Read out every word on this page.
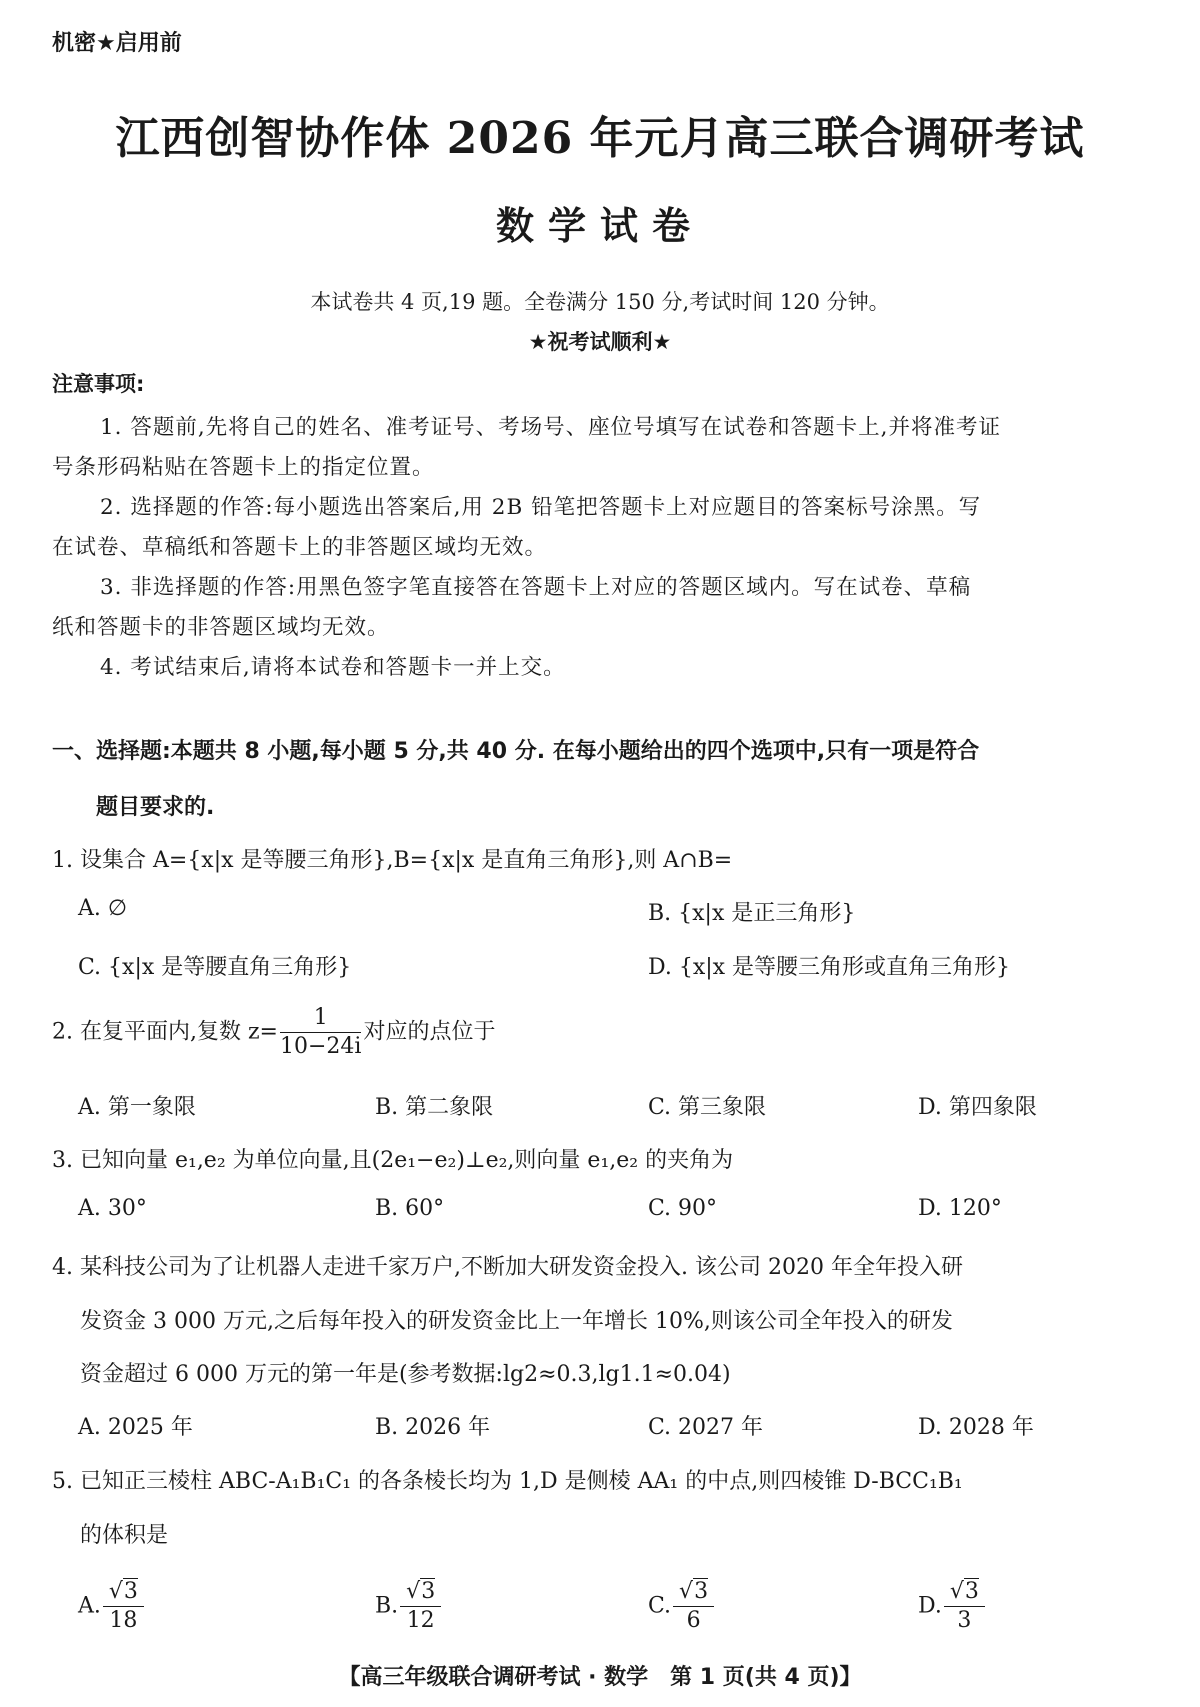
机密★启用前
江西创智协作体 2026 年元月高三联合调研考试
数学试卷
本试卷共 4 页,19 题。全卷满分 150 分,考试时间 120 分钟。
★祝考试顺利★
注意事项:
1. 答题前,先将自己的姓名、准考证号、考场号、座位号填写在试卷和答题卡上,并将准考证
号条形码粘贴在答题卡上的指定位置。
2. 选择题的作答:每小题选出答案后,用 2B 铅笔把答题卡上对应题目的答案标号涂黑。写
在试卷、草稿纸和答题卡上的非答题区域均无效。
3. 非选择题的作答:用黑色签字笔直接答在答题卡上对应的答题区域内。写在试卷、草稿
纸和答题卡的非答题区域均无效。
4. 考试结束后,请将本试卷和答题卡一并上交。
一、选择题:本题共 8 小题,每小题 5 分,共 40 分. 在每小题给出的四个选项中,只有一项是符合
题目要求的.
1. 设集合 A={x|x 是等腰三角形},B={x|x 是直角三角形},则 A∩B=
A. ∅	B. {x|x 是正三角形}
C. {x|x 是等腰直角三角形}	D. {x|x 是等腰三角形或直角三角形}
2. 在复平面内,复数 $z= \frac{1}{10-24i}$ 对应的点位于
A. 第一象限	B. 第二象限	C. 第三象限	D. 第四象限
3. 已知向量 e₁,e₂ 为单位向量,且(2e₁−e₂)⊥e₂,则向量 e₁,e₂ 的夹角为
A. 30°	B. 60°	C. 90°	D. 120°
4. 某科技公司为了让机器人走进千家万户,不断加大研发资金投入. 该公司 2020 年全年投入研
发资金 3 000 万元,之后每年投入的研发资金比上一年增长 10%,则该公司全年投入的研发
资金超过 6 000 万元的第一年是(参考数据:lg2≈0.3,lg1.1≈0.04)
A. 2025 年	B. 2026 年	C. 2027 年	D. 2028 年
5. 已知正三棱柱 ABC-A₁B₁C₁ 的各条棱长均为 1,D 是侧棱 AA₁ 的中点,则四棱锥 D-BCC₁B₁
的体积是
A. $\frac{√3}{18}$	B. $\frac{√3}{12}$	C. $\frac{√3}{6}$	D. $\frac{√3}{3}$
【高三年级联合调研考试 · 数学　第 1 页(共 4 页)】
